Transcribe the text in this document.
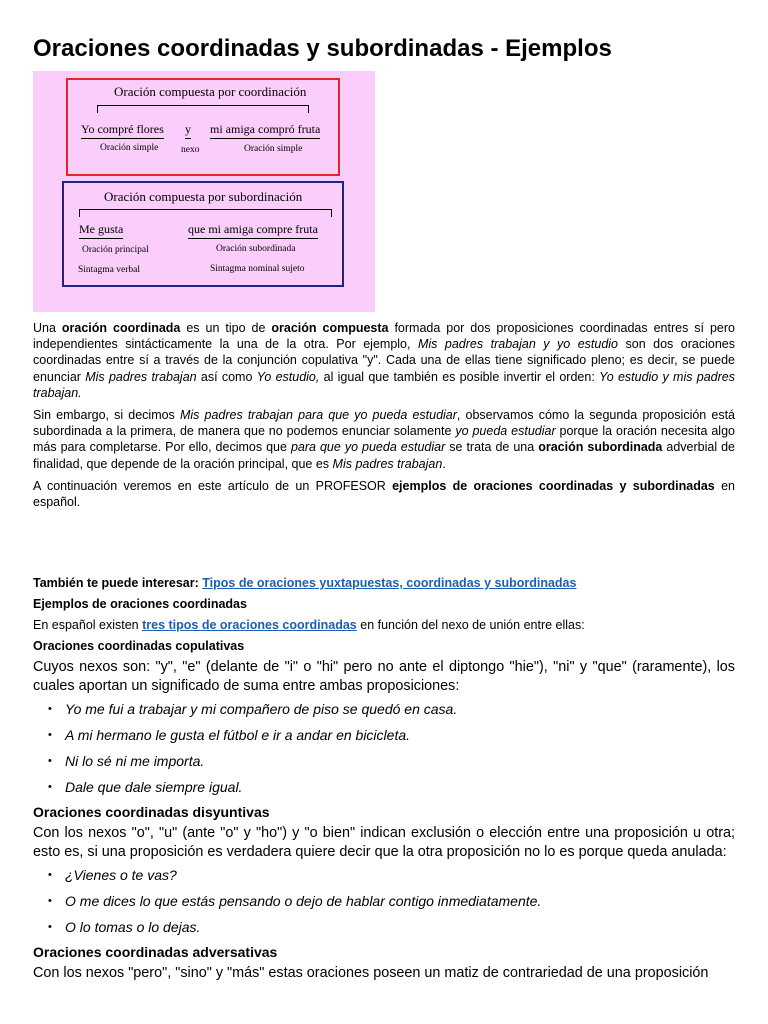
Oraciones coordinadas y subordinadas - Ejemplos
Oración compuesta por coordinación
Yo compré flores y mi amiga compró fruta
Oración simple nexo	Oración simple
Oración compuesta por subordinación
Me gusta	que mi amiga compre fruta
Oración principal	Oración subordinada
Sintagma verbal	Sintagma nominal sujeto

Una oración coordinada es un tipo de oración compuesta formada por dos proposiciones coordinadas entres sí pero independientes sintácticamente la una de la otra. Por ejemplo, Mis padres trabajan y yo estudio son dos oraciones coordinadas entre sí a través de la conjunción copulativa "y". Cada una de ellas tiene significado pleno; es decir, se puede enunciar Mis padres trabajan así como Yo estudio, al igual que también es posible invertir el orden: Yo estudio y mis padres trabajan.

Sin embargo, si decimos Mis padres trabajan para que yo pueda estudiar, observamos cómo la segunda proposición está subordinada a la primera, de manera que no podemos enunciar solamente yo pueda estudiar porque la oración necesita algo más para completarse. Por ello, decimos que para que yo pueda estudiar se trata de una oración subordinada adverbial de finalidad, que depende de la oración principal, que es Mis padres trabajan.

A continuación veremos en este artículo de un PROFESOR ejemplos de oraciones coordinadas y subordinadas en español.

También te puede interesar: Tipos de oraciones yuxtapuestas, coordinadas y subordinadas

Ejemplos de oraciones coordinadas

En español existen tres tipos de oraciones coordinadas en función del nexo de unión entre ellas:

Oraciones coordinadas copulativas

Cuyos nexos son: "y", "e" (delante de "i" o "hi" pero no ante el diptongo "hie"), "ni" y "que" (raramente), los cuales aportan un significado de suma entre ambas proposiciones:

• Yo me fui a trabajar y mi compañero de piso se quedó en casa.
• A mi hermano le gusta el fútbol e ir a andar en bicicleta.
• Ni lo sé ni me importa.
• Dale que dale siempre igual.

Oraciones coordinadas disyuntivas

Con los nexos "o", "u" (ante "o" y "ho") y "o bien" indican exclusión o elección entre una proposición u otra; esto es, si una proposición es verdadera quiere decir que la otra proposición no lo es porque queda anulada:

• ¿Vienes o te vas?
• O me dices lo que estás pensando o dejo de hablar contigo inmediatamente.
• O lo tomas o lo dejas.

Oraciones coordinadas adversativas

Con los nexos "pero", "sino" y "más" estas oraciones poseen un matiz de contrariedad de una proposición
